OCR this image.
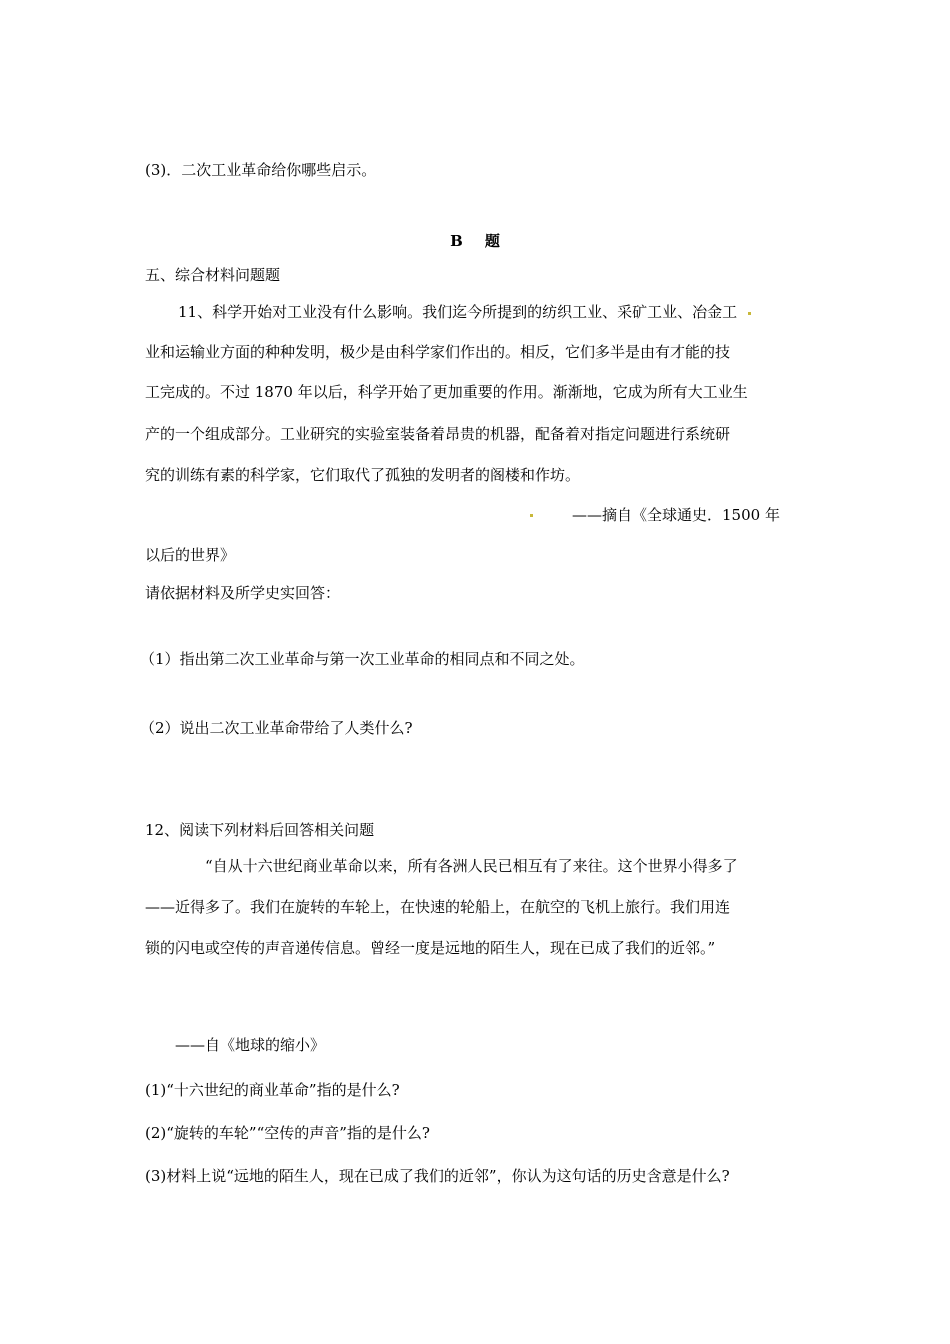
(3)．二次工业革命给你哪些启示。
B 题
五、综合材料问题题
11、科学开始对工业没有什么影响。我们迄今所提到的纺织工业、采矿工业、冶金工
业和运输业方面的种种发明，极少是由科学家们作出的。相反，它们多半是由有才能的技
工完成的。不过 1870 年以后，科学开始了更加重要的作用。渐渐地，它成为所有大工业生
产的一个组成部分。工业研究的实验室装备着昂贵的机器，配备着对指定问题进行系统研
究的训练有素的科学家，它们取代了孤独的发明者的阁楼和作坊。
——摘自《全球通史．1500 年
以后的世界》
请依据材料及所学史实回答：
（1）指出第二次工业革命与第一次工业革命的相同点和不同之处。
（2）说出二次工业革命带给了人类什么?
12、阅读下列材料后回答相关问题
“自从十六世纪商业革命以来，所有各洲人民已相互有了来往。这个世界小得多了
——近得多了。我们在旋转的车轮上，在快速的轮船上，在航空的飞机上旅行。我们用连
锁的闪电或空传的声音递传信息。曾经一度是远地的陌生人，现在已成了我们的近邻。”
——自《地球的缩小》
(1)“十六世纪的商业革命”指的是什么?
(2)“旋转的车轮”“空传的声音”指的是什么?
(3)材料上说“远地的陌生人，现在已成了我们的近邻”，你认为这句话的历史含意是什么?
